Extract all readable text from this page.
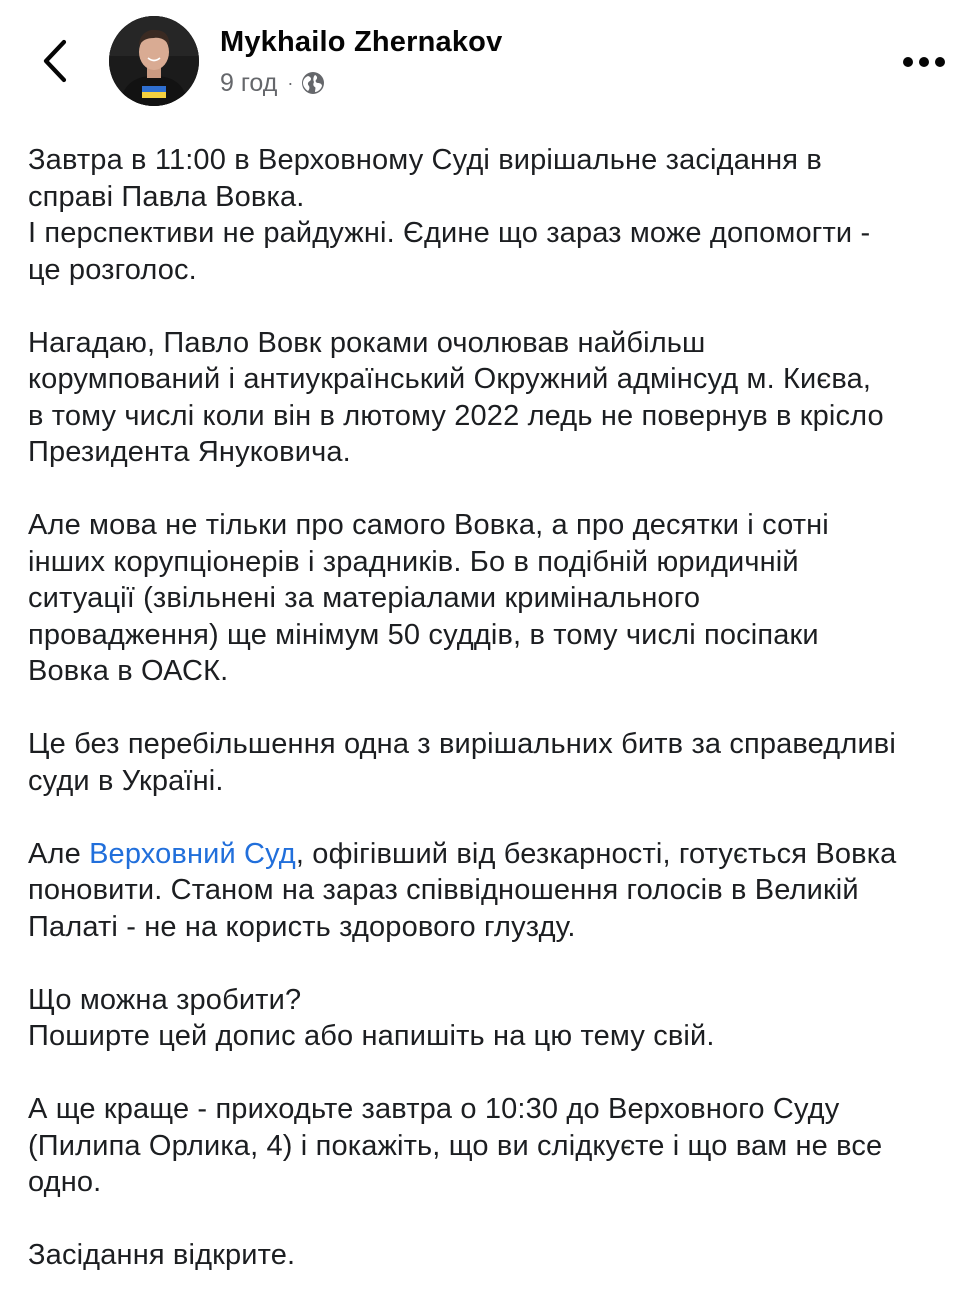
Mykhailo Zhernakov
9 год ·
Завтра в 11:00 в Верховному Суді вирішальне засідання в
справі Павла Вовка.
І перспективи не райдужні. Єдине що зараз може допомогти -
це розголос.
Нагадаю, Павло Вовк роками очолював найбільш
корумпований і антиукраїнський Окружний адмінсуд м. Києва,
в тому числі коли він в лютому 2022 ледь не повернув в крісло
Президента Януковича.
Але мова не тільки про самого Вовка, а про десятки і сотні
інших корупціонерів і зрадників. Бо в подібній юридичній
ситуації (звільнені за матеріалами кримінального
провадження) ще мінімум 50 суддів, в тому числі посіпаки
Вовка в ОАСК.
Це без перебільшення одна з вирішальних битв за справедливі
суди в Україні.
Але Верховний Суд, офігівший від безкарності, готується Вовка
поновити. Станом на зараз співвідношення голосів в Великій
Палаті - не на користь здорового глузду.
Що можна зробити?
Поширте цей допис або напишіть на цю тему свій.
А ще краще - приходьте завтра о 10:30 до Верховного Суду
(Пилипа Орлика, 4) і покажіть, що ви слідкуєте і що вам не все
одно.
Засідання відкрите.
